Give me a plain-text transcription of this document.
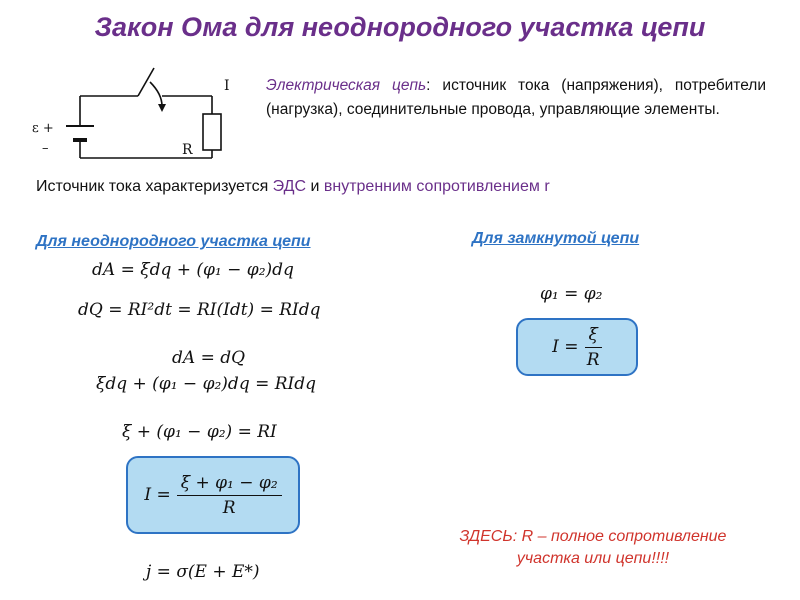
Закон Ома для неоднородного участка цепи
ε +
–
I
R
Электрическая цепь: источник тока (напряжения), потребители (нагрузка), соединительные провода, управляющие элементы.
Источник тока характеризуется ЭДС и внутренним сопротивлением r
Для неоднородного участка цепи	Для замкнутой цепи
dA = ξdq + (φ₁ − φ₂)dq
dQ = RI²dt = RI(Idt) = RIdq
dA = dQ
ξdq + (φ₁ − φ₂)dq = RIdq
ξ + (φ₁ − φ₂) = RI
$I = \frac{\text{ξ + φ₁ − φ₂}}{R}$
j = σ(E + E*)
φ₁ = φ₂
$I = \frac{\xi}{R}$
ЗДЕСЬ: R – полное сопротивление участка или цепи!!!!
